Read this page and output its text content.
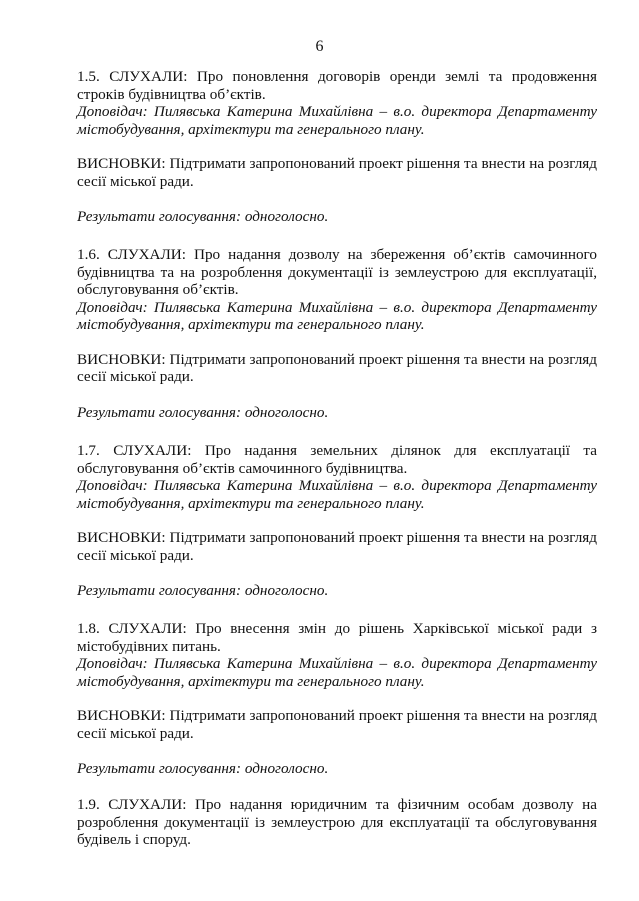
6

1.5. СЛУХАЛИ: Про поновлення договорів оренди землі та продовження строків будівництва об’єктів.

Доповідач: Пилявська Катерина Михайлівна – в.о. директора Департаменту містобудування, архітектури та генерального плану.

ВИСНОВКИ: Підтримати запропонований проект рішення та внести на розгляд сесії міської ради.

Результати голосування: одноголосно.

1.6. СЛУХАЛИ: Про надання дозволу на збереження об’єктів самочинного будівництва та на розроблення документації із землеустрою для експлуатації, обслуговування об’єктів.

Доповідач: Пилявська Катерина Михайлівна – в.о. директора Департаменту містобудування, архітектури та генерального плану.

ВИСНОВКИ: Підтримати запропонований проект рішення та внести на розгляд сесії міської ради.

Результати голосування: одноголосно.

1.7. СЛУХАЛИ: Про надання земельних ділянок для експлуатації та обслуговування об’єктів самочинного будівництва.

Доповідач: Пилявська Катерина Михайлівна – в.о. директора Департаменту містобудування, архітектури та генерального плану.

ВИСНОВКИ: Підтримати запропонований проект рішення та внести на розгляд сесії міської ради.

Результати голосування: одноголосно.

1.8. СЛУХАЛИ: Про внесення змін до рішень Харківської міської ради з містобудівних питань.

Доповідач: Пилявська Катерина Михайлівна – в.о. директора Департаменту містобудування, архітектури та генерального плану.

ВИСНОВКИ: Підтримати запропонований проект рішення та внести на розгляд сесії міської ради.

Результати голосування: одноголосно.

1.9. СЛУХАЛИ: Про надання юридичним та фізичним особам дозволу на розроблення документації із землеустрою для експлуатації та обслуговування будівель і споруд.
